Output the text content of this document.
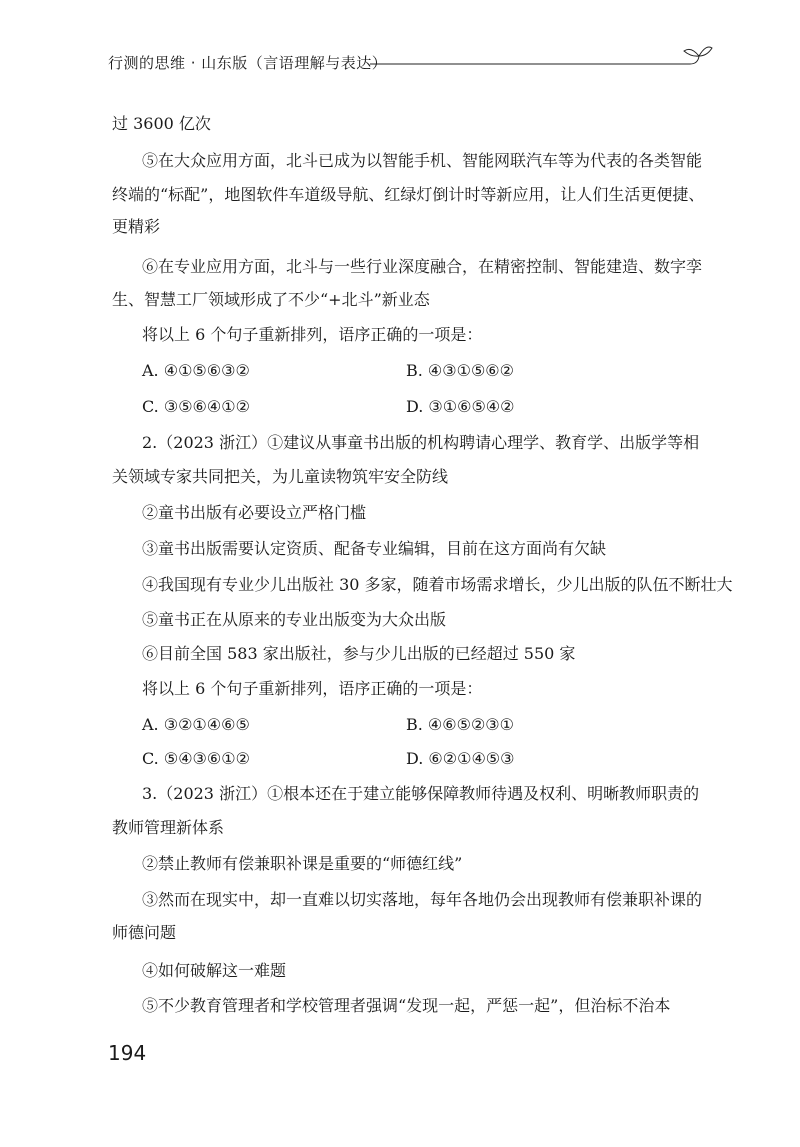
行测的思维 · 山东版（言语理解与表达）
过 3600 亿次
⑤在大众应用方面，北斗已成为以智能手机、智能网联汽车等为代表的各类智能
终端的“标配”，地图软件车道级导航、红绿灯倒计时等新应用，让人们生活更便捷、
更精彩
⑥在专业应用方面，北斗与一些行业深度融合，在精密控制、智能建造、数字孪
生、智慧工厂领域形成了不少“+北斗”新业态
将以上 6 个句子重新排列，语序正确的一项是：
A. ④①⑤⑥③②	B. ④③①⑤⑥②
C. ③⑤⑥④①②	D. ③①⑥⑤④②
2.（2023 浙江）①建议从事童书出版的机构聘请心理学、教育学、出版学等相
关领域专家共同把关，为儿童读物筑牢安全防线
②童书出版有必要设立严格门槛
③童书出版需要认定资质、配备专业编辑，目前在这方面尚有欠缺
④我国现有专业少儿出版社 30 多家，随着市场需求增长，少儿出版的队伍不断壮大
⑤童书正在从原来的专业出版变为大众出版
⑥目前全国 583 家出版社，参与少儿出版的已经超过 550 家
将以上 6 个句子重新排列，语序正确的一项是：
A. ③②①④⑥⑤	B. ④⑥⑤②③①
C. ⑤④③⑥①②	D. ⑥②①④⑤③
3.（2023 浙江）①根本还在于建立能够保障教师待遇及权利、明晰教师职责的
教师管理新体系
②禁止教师有偿兼职补课是重要的“师德红线”
③然而在现实中，却一直难以切实落地，每年各地仍会出现教师有偿兼职补课的
师德问题
④如何破解这一难题
⑤不少教育管理者和学校管理者强调“发现一起，严惩一起”，但治标不治本
194
